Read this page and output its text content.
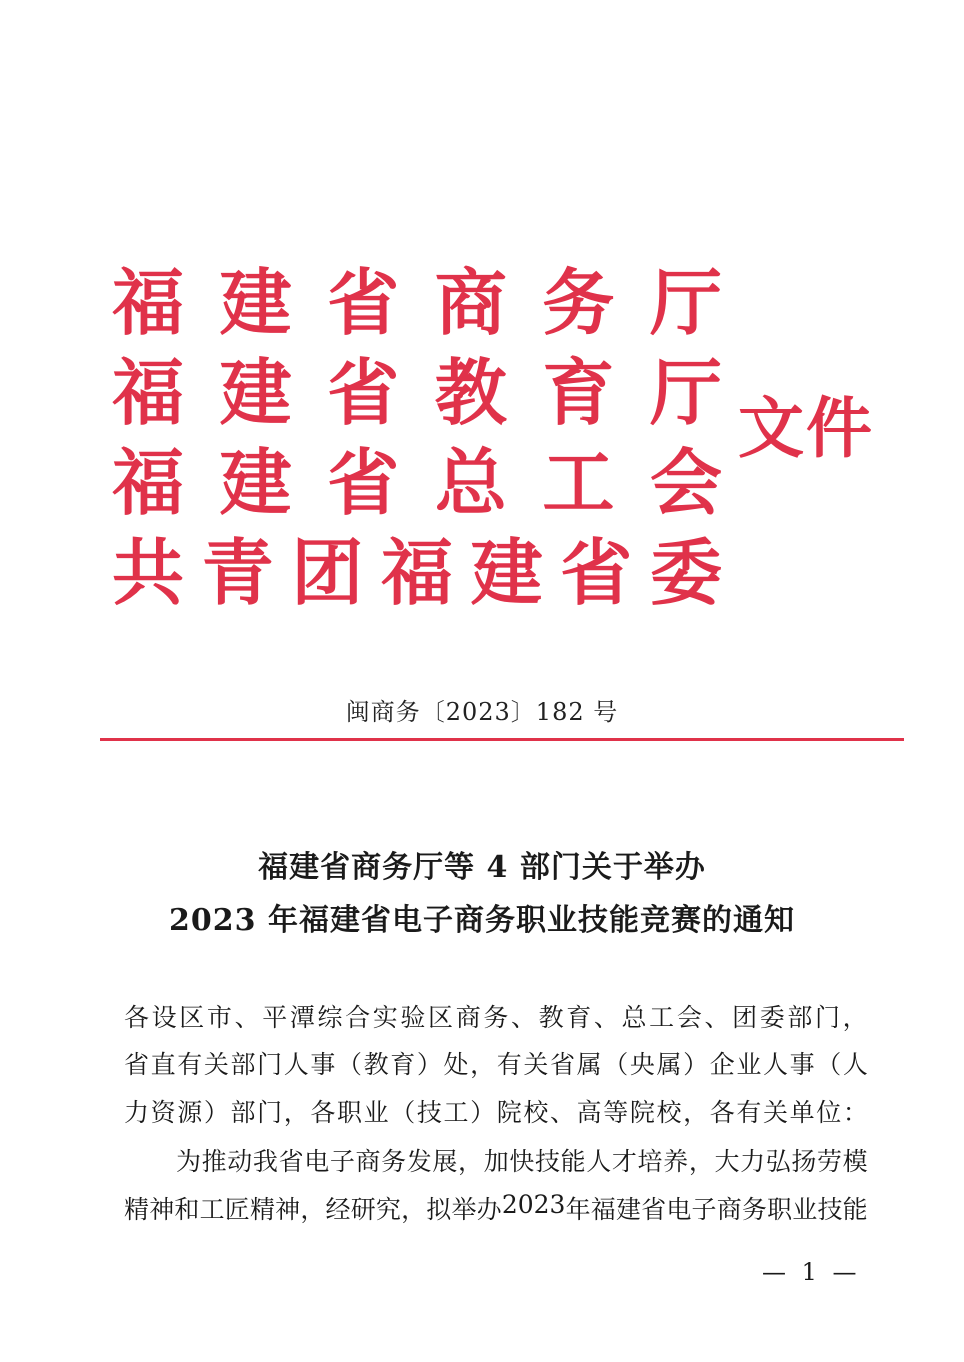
福 建 省 商 务 厅
福 建 省 教 育 厅
福 建 省 总 工 会
共 青 团 福 建 省 委
文件
闽商务〔2023〕182 号
福建省商务厅等 4 部门关于举办
2023 年福建省电子商务职业技能竞赛的通知
各 设 区 市 、 平 潭 综 合 实 验 区 商 务 、 教 育 、 总 工 会 、 团 委 部 门 ，
省 直 有 关 部 门 人 事 （ 教 育 ） 处 ， 有 关 省 属 （ 央 属 ） 企 业 人 事 （ 人
力 资 源 ） 部 门 ， 各 职 业 （ 技 工 ） 院 校 、 高 等 院 校 ， 各 有 关 单 位 ：
为 推 动 我 省 电 子 商 务 发 展 ， 加 快 技 能 人 才 培 养 ， 大 力 弘 扬 劳 模
精 神 和 工 匠 精 神 ， 经 研 究 ， 拟 举 办 2023 年 福 建 省 电 子 商 务 职 业 技 能
— 1 —
